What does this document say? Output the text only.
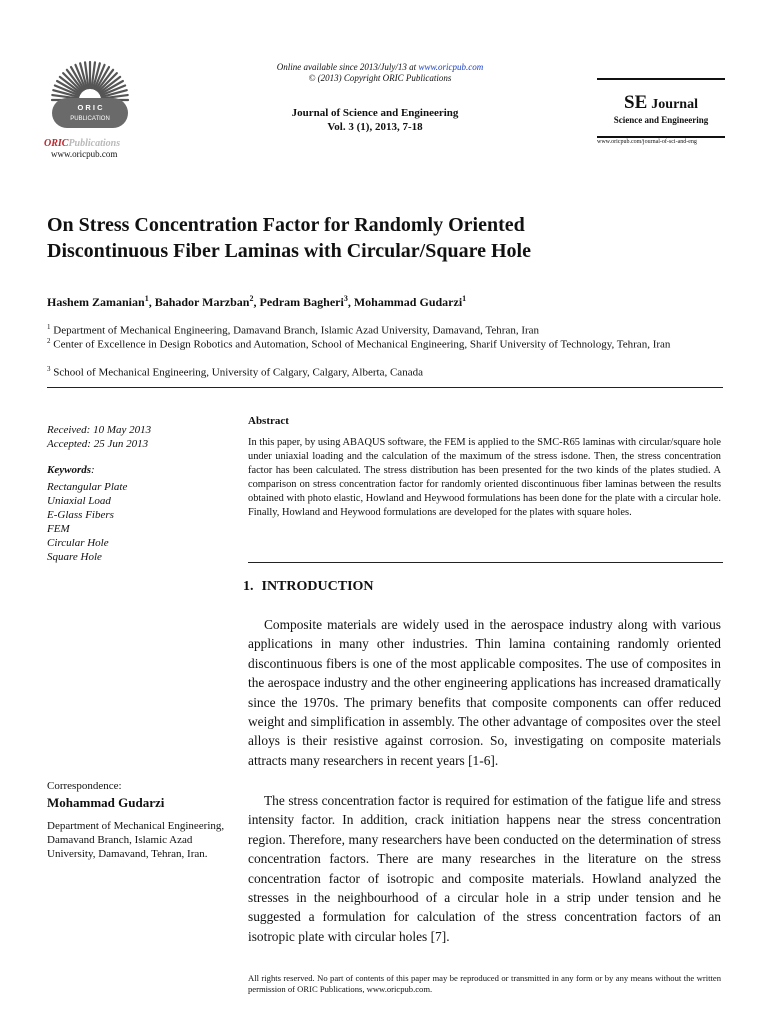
O R I C
PUBLICATION
ORICPublications
www.oricpub.com
Online available since 2013/July/13 at www.oricpub.com
© (2013) Copyright ORIC Publications
Journal of Science and Engineering
Vol. 3 (1), 2013, 7-18
SE Journal
Science and Engineering
www.oricpub.com/journal-of-sci-and-eng
On Stress Concentration Factor for Randomly Oriented
Discontinuous Fiber Laminas with Circular/Square Hole
Hashem Zamanian$^1$, Bahador Marzban$^2$, Pedram Bagheri$^3$, Mohammad Gudarzi$^1$
$^1$ Department of Mechanical Engineering, Damavand Branch, Islamic Azad University, Damavand, Tehran, Iran
$^2$ Center of Excellence in Design Robotics and Automation, School of Mechanical Engineering, Sharif University of Technology, Tehran, Iran
$^3$ School of Mechanical Engineering, University of Calgary, Calgary, Alberta, Canada
Received: 10 May 2013
Accepted: 25 Jun 2013
Keywords:
Rectangular Plate
Uniaxial Load
E-Glass Fibers
FEM
Circular Hole
Square Hole
Correspondence:
Mohammad Gudarzi
Department of Mechanical Engineering, Damavand Branch, Islamic Azad University, Damavand, Tehran, Iran.
Abstract
In this paper, by using ABAQUS software, the FEM is applied to the SMC-R65 laminas with circular/square hole under uniaxial loading and the calculation of the maximum of the stress isdone. Then, the stress concentration factor has been calculated. The stress distribution has been presented for the two kinds of the plates studied. A comparison on stress concentration factor for randomly oriented discontinuous fiber laminas between the results obtained with photo elastic, Howland and Heywood formulations has been done for the plate with a circular hole. Finally, Howland and Heywood formulations are developed for the plates with square holes.
1. INTRODUCTION
Composite materials are widely used in the aerospace industry along with various applications in many other industries. Thin lamina containing randomly oriented discontinuous fibers is one of the most applicable composites. The use of composites in the aerospace industry and the other engineering applications has increased dramatically since the 1970s. The primary benefits that composite components can offer reduced weight and simplification in assembly. The other advantage of composites over the steel alloys is their resistive against corrosion. So, investigating on composite materials attracts many researchers in recent years [1-6].
The stress concentration factor is required for estimation of the fatigue life and stress intensity factor. In addition, crack initiation happens near the stress concentration region. Therefore, many researchers have been conducted on the determination of stress concentration factors. There are many researches in the literature on the stress concentration factor of isotropic and composite materials. Howland analyzed the stresses in the neighbourhood of a circular hole in a strip under tension and he suggested a formulation for calculation of the stress concentration factors of an isotropic plate with circular holes [7].
All rights reserved. No part of contents of this paper may be reproduced or transmitted in any form or by any means without the written permission of ORIC Publications, www.oricpub.com.
